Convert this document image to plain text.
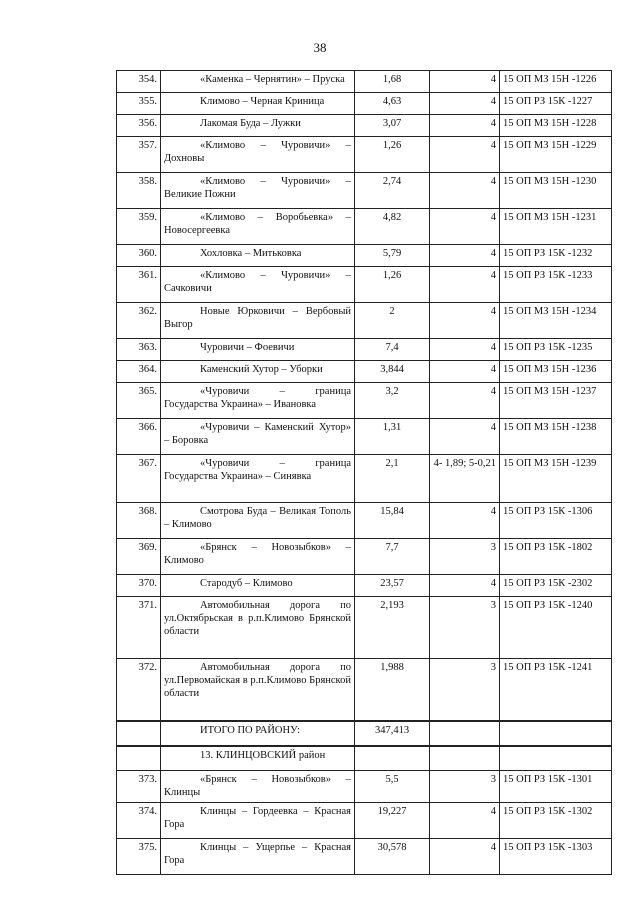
38
354.	«Каменка – Чернятин» – Пруска	1,68	4	15 ОП МЗ 15Н -1226
355.	Климово – Черная Криница	4,63	4	15 ОП РЗ 15К -1227
356.	Лакомая Буда – Лужки	3,07	4	15 ОП МЗ 15Н -1228
357.	«Климово – Чуровичи» – Дохновы	1,26	4	15 ОП МЗ 15Н -1229
358.	«Климово – Чуровичи» – Великие Пожни	2,74	4	15 ОП МЗ 15Н -1230
359.	«Климово – Воробьевка» – Новосергеевка	4,82	4	15 ОП МЗ 15Н -1231
360.	Хохловка – Митьковка	5,79	4	15 ОП РЗ 15К -1232
361.	«Климово – Чуровичи» – Сачковичи	1,26	4	15 ОП РЗ 15К -1233
362.	Новые Юрковичи – Вербовый Выгор	2	4	15 ОП МЗ 15Н -1234
363.	Чуровичи – Фоевичи	7,4	4	15 ОП РЗ 15К -1235
364.	Каменский Хутор – Уборки	3,844	4	15 ОП МЗ 15Н -1236
365.	«Чуровичи – граница Государства Украина» – Ивановка	3,2	4	15 ОП МЗ 15Н -1237
366.	«Чуровичи – Каменский Хутор» – Боровка	1,31	4	15 ОП МЗ 15Н -1238
367.	«Чуровичи – граница Государства Украина» – Синявка	2,1	4- 1,89; 5-0,21	15 ОП МЗ 15Н -1239
368.	Смотрова Буда – Великая Тополь – Климово	15,84	4	15 ОП РЗ 15К -1306
369.	«Брянск – Новозыбков» – Климово	7,7	3	15 ОП РЗ 15К -1802
370.	Стародуб – Климово	23,57	4	15 ОП РЗ 15К -2302
371.	Автомобильная дорога по ул.Октябрьская в р.п.Климово Брянской области	2,193	3	15 ОП РЗ 15К -1240
372.	Автомобильная дорога по ул.Первомайская в р.п.Климово Брянской области	1,988	3	15 ОП РЗ 15К -1241
	ИТОГО ПО РАЙОНУ:	347,413		
	13. КЛИНЦОВСКИЙ район			
373.	«Брянск – Новозыбков» – Клинцы	5,5	3	15 ОП РЗ 15К -1301
374.	Клинцы – Гордеевка – Красная Гора	19,227	4	15 ОП РЗ 15К -1302
375.	Клинцы – Ущерпье – Красная Гора	30,578	4	15 ОП РЗ 15К -1303
